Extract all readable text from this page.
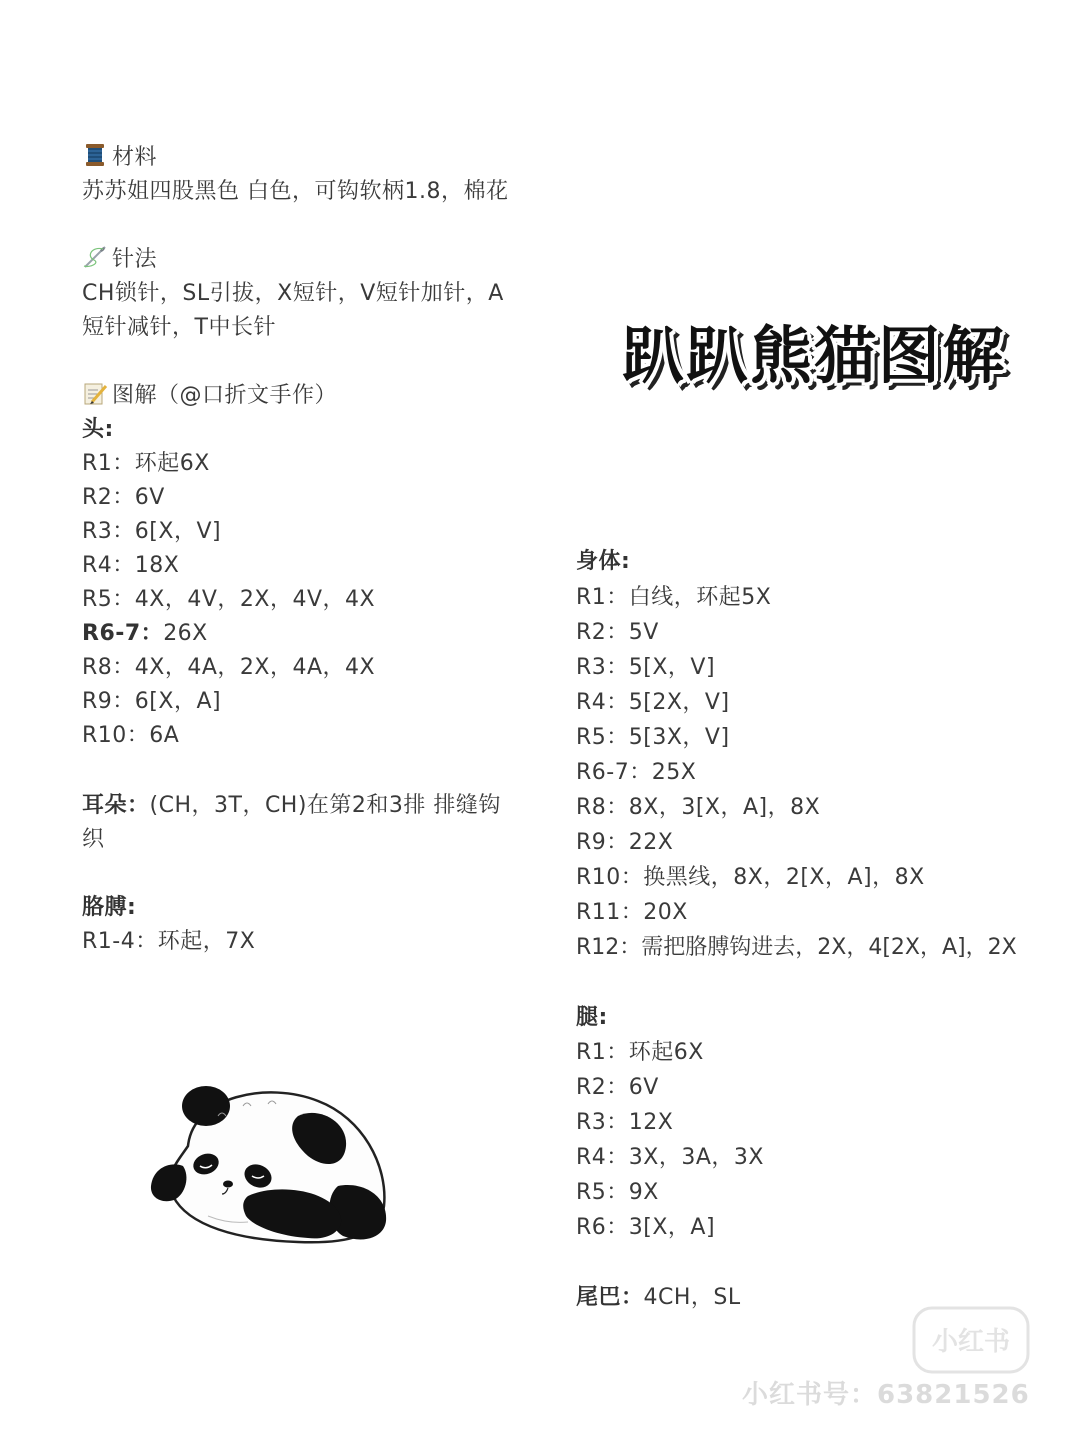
材料
苏苏姐四股黑色 白色，可钩软柄1.8，棉花
针法
CH锁针，SL引拔，X短针，V短针加针，A
短针减针，T中长针
图解（@口折文手作）
头:
R1：环起6X
R2：6V
R3：6[X，V]
R4：18X
R5：4X，4V，2X，4V，4X
R6-7：26X
R8：4X，4A，2X，4A，4X
R9：6[X，A]
R10：6A
耳朵：(CH，3T，CH)在第2和3排 排缝钩
织
胳膊:
R1-4：环起，7X
趴趴熊猫图解
身体:
R1：白线，环起5X
R2：5V
R3：5[X，V]
R4：5[2X，V]
R5：5[3X，V]
R6-7：25X
R8：8X，3[X，A]，8X
R9：22X
R10：换黑线，8X，2[X，A]，8X
R11：20X
R12：需把胳膊钩进去，2X，4[2X，A]，2X
腿:
R1：环起6X
R2：6V
R3：12X
R4：3X，3A，3X
R5：9X
R6：3[X，A]
尾巴：4CH，SL
小红书
小红书号：63821526
